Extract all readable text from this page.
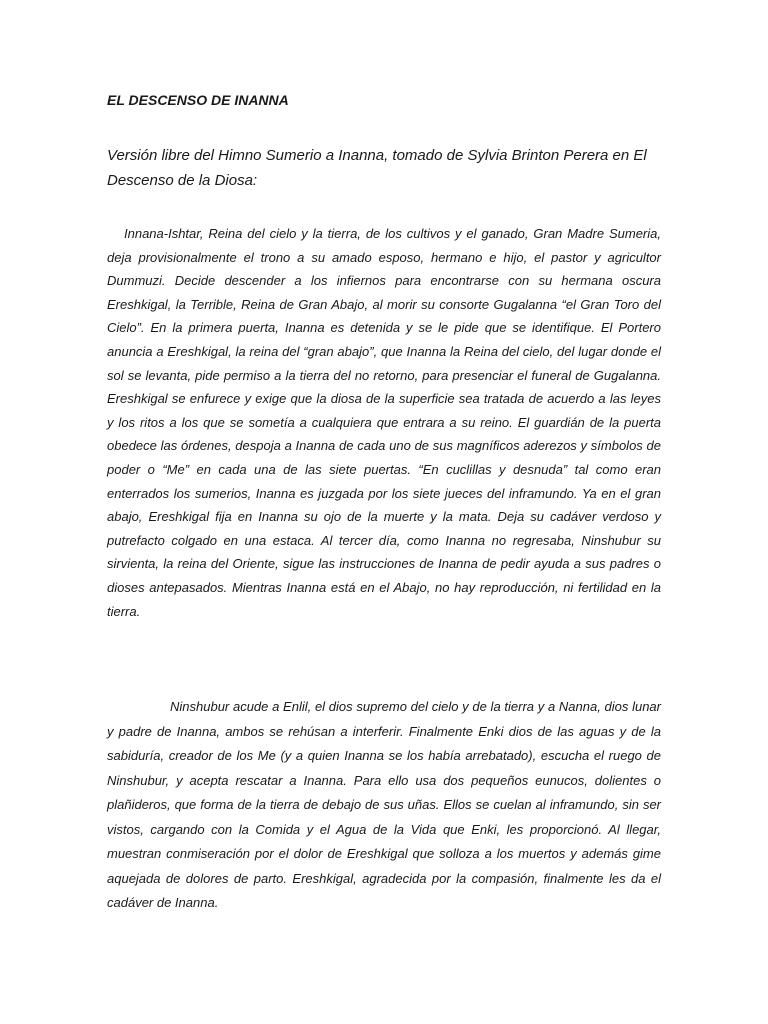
EL DESCENSO DE INANNA

Versión libre del Himno Sumerio a Inanna, tomado de Sylvia Brinton Perera en El Descenso de la Diosa:

Innana-Ishtar, Reina del cielo y la tierra, de los cultivos y el ganado, Gran Madre Sumeria, deja provisionalmente el trono a su amado esposo, hermano e hijo, el pastor y agricultor Dummuzi. Decide descender a los infiernos para encontrarse con su hermana oscura Ereshkigal, la Terrible, Reina de Gran Abajo, al morir su consorte Gugalanna “el Gran Toro del Cielo”. En la primera puerta, Inanna es detenida y se le pide que se identifique. El Portero anuncia a Ereshkigal, la reina del “gran abajo”, que Inanna la Reina del cielo, del lugar donde el sol se levanta, pide permiso a la tierra del no retorno, para presenciar el funeral de Gugalanna. Ereshkigal se enfurece y exige que la diosa de la superficie sea tratada de acuerdo a las leyes y los ritos a los que se sometía a cualquiera que entrara a su reino. El guardián de la puerta obedece las órdenes, despoja a Inanna de cada uno de sus magníficos aderezos y símbolos de poder o “Me” en cada una de las siete puertas. “En cuclillas y desnuda” tal como eran enterrados los sumerios, Inanna es juzgada por los siete jueces del inframundo. Ya en el gran abajo, Ereshkigal fija en Inanna su ojo de la muerte y la mata. Deja su cadáver verdoso y putrefacto colgado en una estaca. Al tercer día, como Inanna no regresaba, Ninshubur su sirvienta, la reina del Oriente, sigue las instrucciones de Inanna de pedir ayuda a sus padres o dioses antepasados. Mientras Inanna está en el Abajo, no hay reproducción, ni fertilidad en la tierra.

Ninshubur acude a Enlil, el dios supremo del cielo y de la tierra y a Nanna, dios lunar y padre de Inanna, ambos se rehúsan a interferir. Finalmente Enki dios de las aguas y de la sabiduría, creador de los Me (y a quien Inanna se los había arrebatado), escucha el ruego de Ninshubur, y acepta rescatar a Inanna. Para ello usa dos pequeños eunucos, dolientes o plañideros, que forma de la tierra de debajo de sus uñas. Ellos se cuelan al inframundo, sin ser vistos, cargando con la Comida y el Agua de la Vida que Enki, les proporcionó. Al llegar, muestran conmiseración por el dolor de Ereshkigal que solloza a los muertos y además gime aquejada de dolores de parto. Ereshkigal, agradecida por la compasión, finalmente les da el cadáver de Inanna.
